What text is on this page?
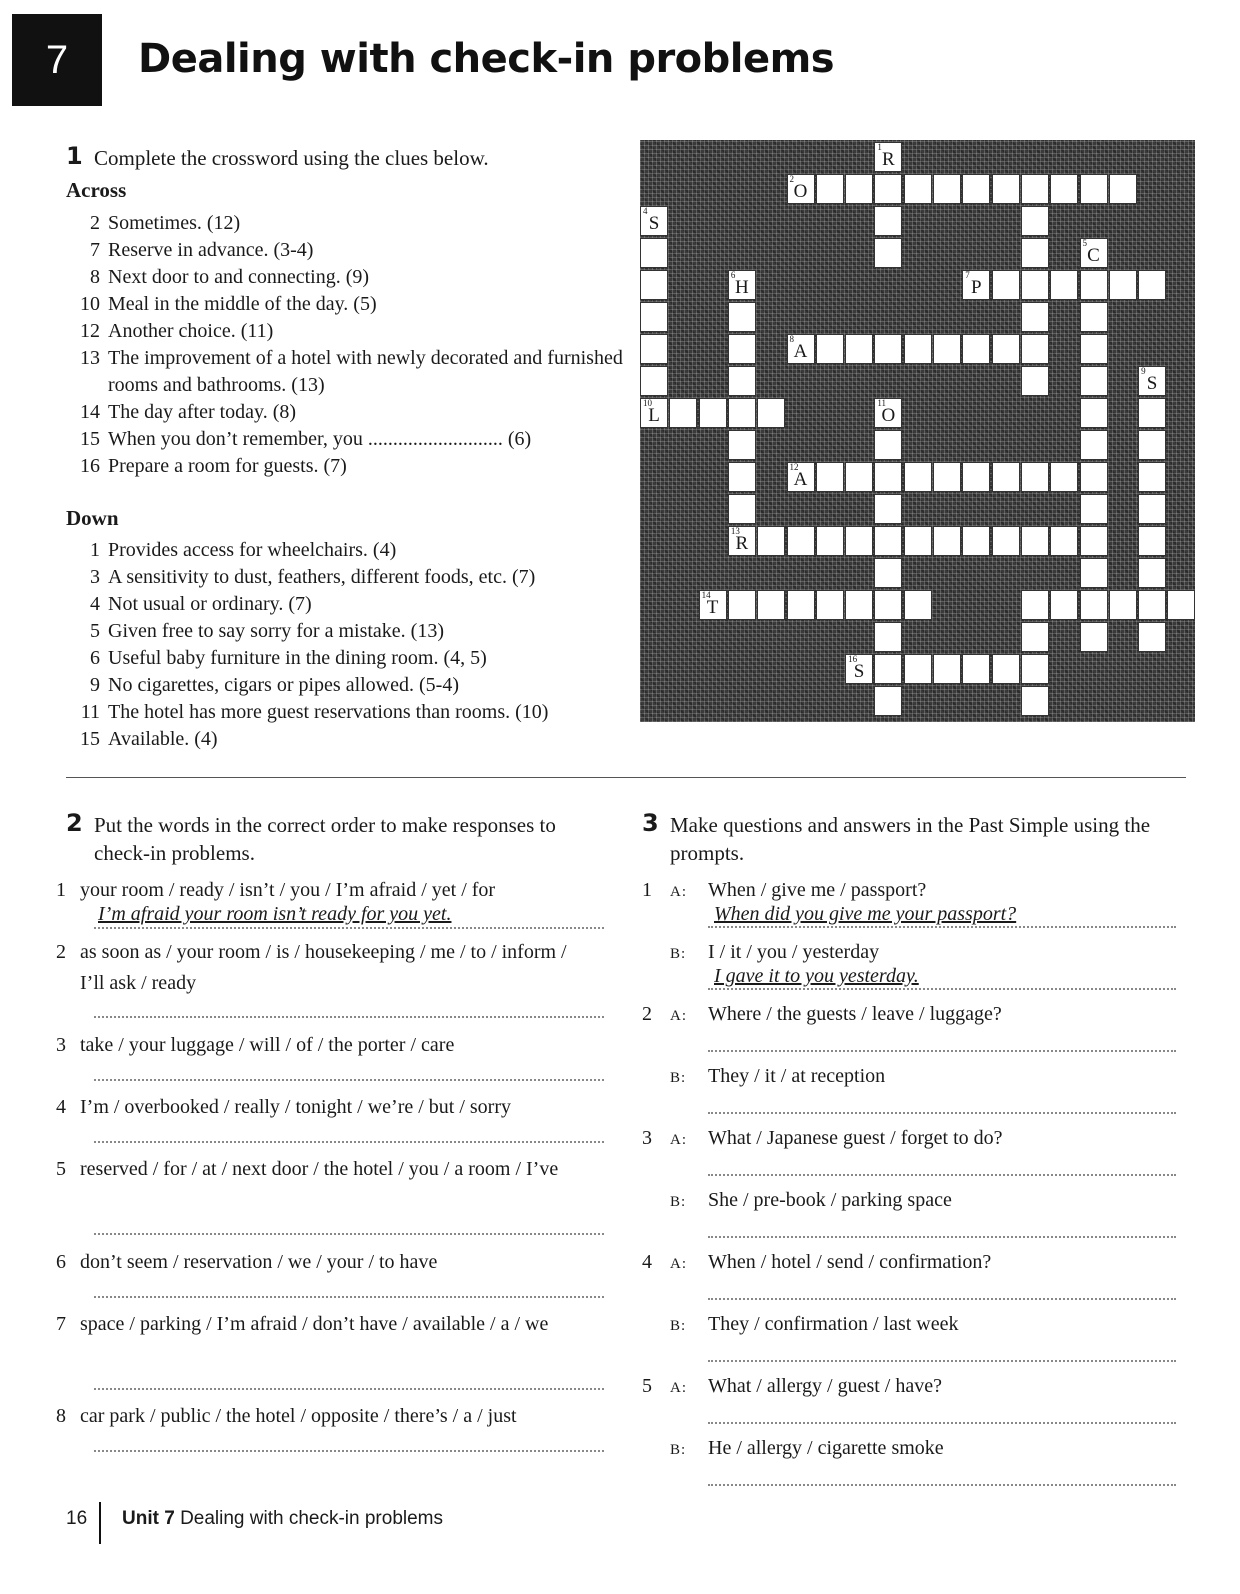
7 Dealing with check-in problems
1 Complete the crossword using the clues below.
Across
2 Sometimes. (12)
7 Reserve in advance. (3-4)
8 Next door to and connecting. (9)
10 Meal in the middle of the day. (5)
12 Another choice. (11)
13 The improvement of a hotel with newly decorated and furnished rooms and bathrooms. (13)
14 The day after today. (8)
15 When you don’t remember, you ........................... (6)
16 Prepare a room for guests. (7)
Down
1 Provides access for wheelchairs. (4)
3 A sensitivity to dust, feathers, different foods, etc. (7)
4 Not usual or ordinary. (7)
5 Given free to say sorry for a mistake. (13)
6 Useful baby furniture in the dining room. (4, 5)
9 No cigarettes, cigars or pipes allowed. (5-4)
11 The hotel has more guest reservations than rooms. (10)
15 Available. (4)
2
O
7
P
8
A
10
L
12
A
13
R
14
T
16
S
1
R
4
S
5
C
6
H
9
S
11
O
2 Put the words in the correct order to make responses to check-in problems.
1 your room / ready / isn’t / you / I’m afraid / yet / for
I’m afraid your room isn’t ready for you yet.
2 as soon as / your room / is / housekeeping / me / to / inform / I’ll ask / ready
3 take / your luggage / will / of / the porter / care
4 I’m / overbooked / really / tonight / we’re / but / sorry
5 reserved / for / at / next door / the hotel / you / a room / I’ve
6 don’t seem / reservation / we / your / to have
7 space / parking / I’m afraid / don’t have / available / a / we
8 car park / public / the hotel / opposite / there’s / a / just
3 Make questions and answers in the Past Simple using the prompts.
1 A: When / give me / passport?
When did you give me your passport?
B: I / it / you / yesterday
I gave it to you yesterday.
2 A: Where / the guests / leave / luggage?
B: They / it / at reception
3 A: What / Japanese guest / forget to do?
B: She / pre-book / parking space
4 A: When / hotel / send / confirmation?
B: They / confirmation / last week
5 A: What / allergy / guest / have?
B: He / allergy / cigarette smoke
16 Unit 7 Dealing with check-in problems
